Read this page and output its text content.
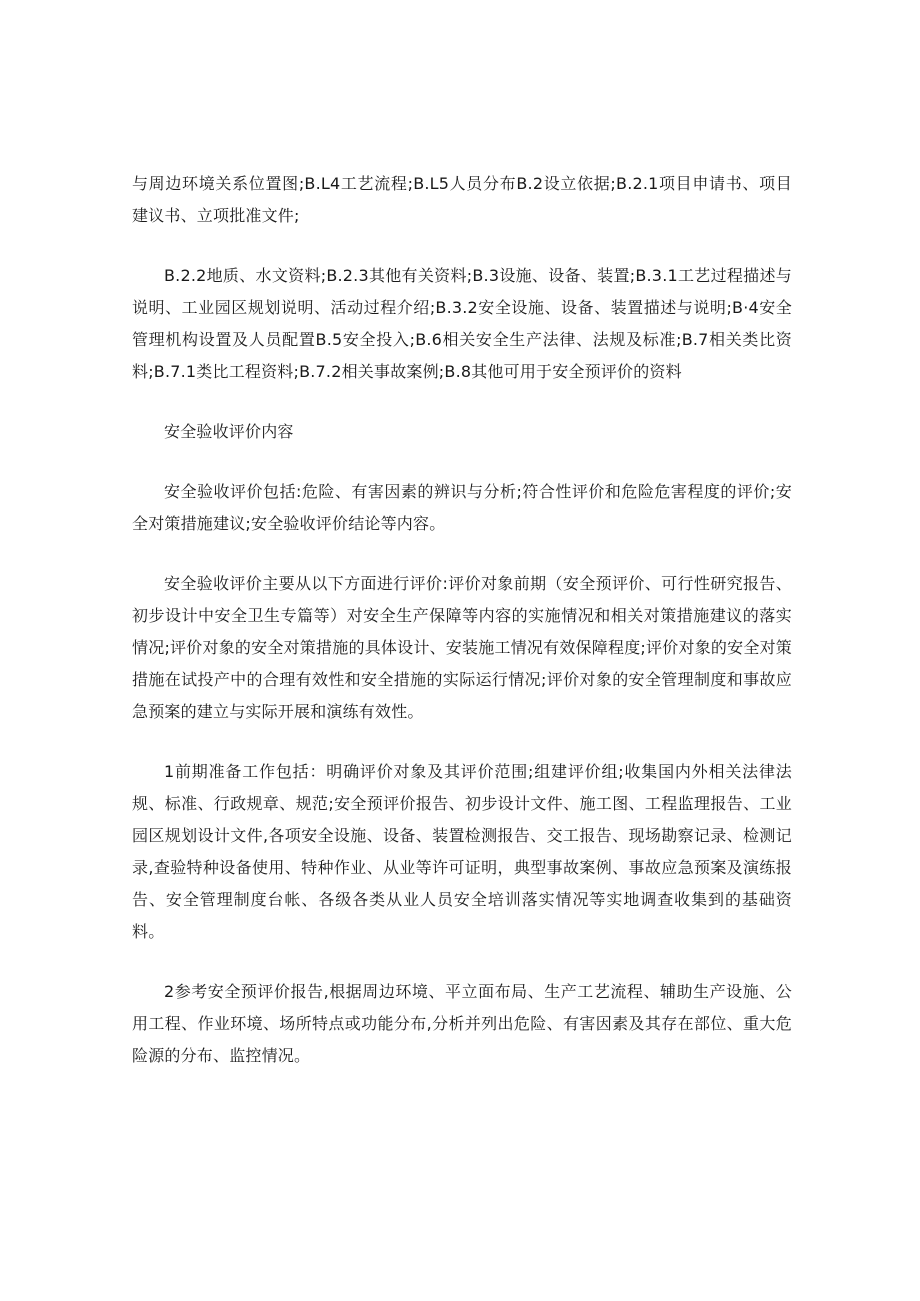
与周边环境关系位置图;B.L4工艺流程;B.L5人员分布B.2设立依据;B.2.1项目申请书、项目建议书、立项批准文件;

B.2.2地质、水文资料;B.2.3其他有关资料;B.3设施、设备、装置;B.3.1工艺过程描述与说明、工业园区规划说明、活动过程介绍;B.3.2安全设施、设备、装置描述与说明;B·4安全管理机构设置及人员配置B.5安全投入;B.6相关安全生产法律、法规及标准;B.7相关类比资料;B.7.1类比工程资料;B.7.2相关事故案例;B.8其他可用于安全预评价的资料

安全验收评价内容

安全验收评价包括:危险、有害因素的辨识与分析;符合性评价和危险危害程度的评价;安全对策措施建议;安全验收评价结论等内容。

安全验收评价主要从以下方面进行评价:评价对象前期（安全预评价、可行性研究报告、初步设计中安全卫生专篇等）对安全生产保障等内容的实施情况和相关对策措施建议的落实情况;评价对象的安全对策措施的具体设计、安装施工情况有效保障程度;评价对象的安全对策措施在试投产中的合理有效性和安全措施的实际运行情况;评价对象的安全管理制度和事故应急预案的建立与实际开展和演练有效性。

1前期准备工作包括：明确评价对象及其评价范围;组建评价组;收集国内外相关法律法规、标准、行政规章、规范;安全预评价报告、初步设计文件、施工图、工程监理报告、工业园区规划设计文件,各项安全设施、设备、装置检测报告、交工报告、现场勘察记录、检测记录,查验特种设备使用、特种作业、从业等许可证明，典型事故案例、事故应急预案及演练报告、安全管理制度台帐、各级各类从业人员安全培训落实情况等实地调查收集到的基础资料。

2参考安全预评价报告,根据周边环境、平立面布局、生产工艺流程、辅助生产设施、公用工程、作业环境、场所特点或功能分布,分析并列出危险、有害因素及其存在部位、重大危险源的分布、监控情况。
